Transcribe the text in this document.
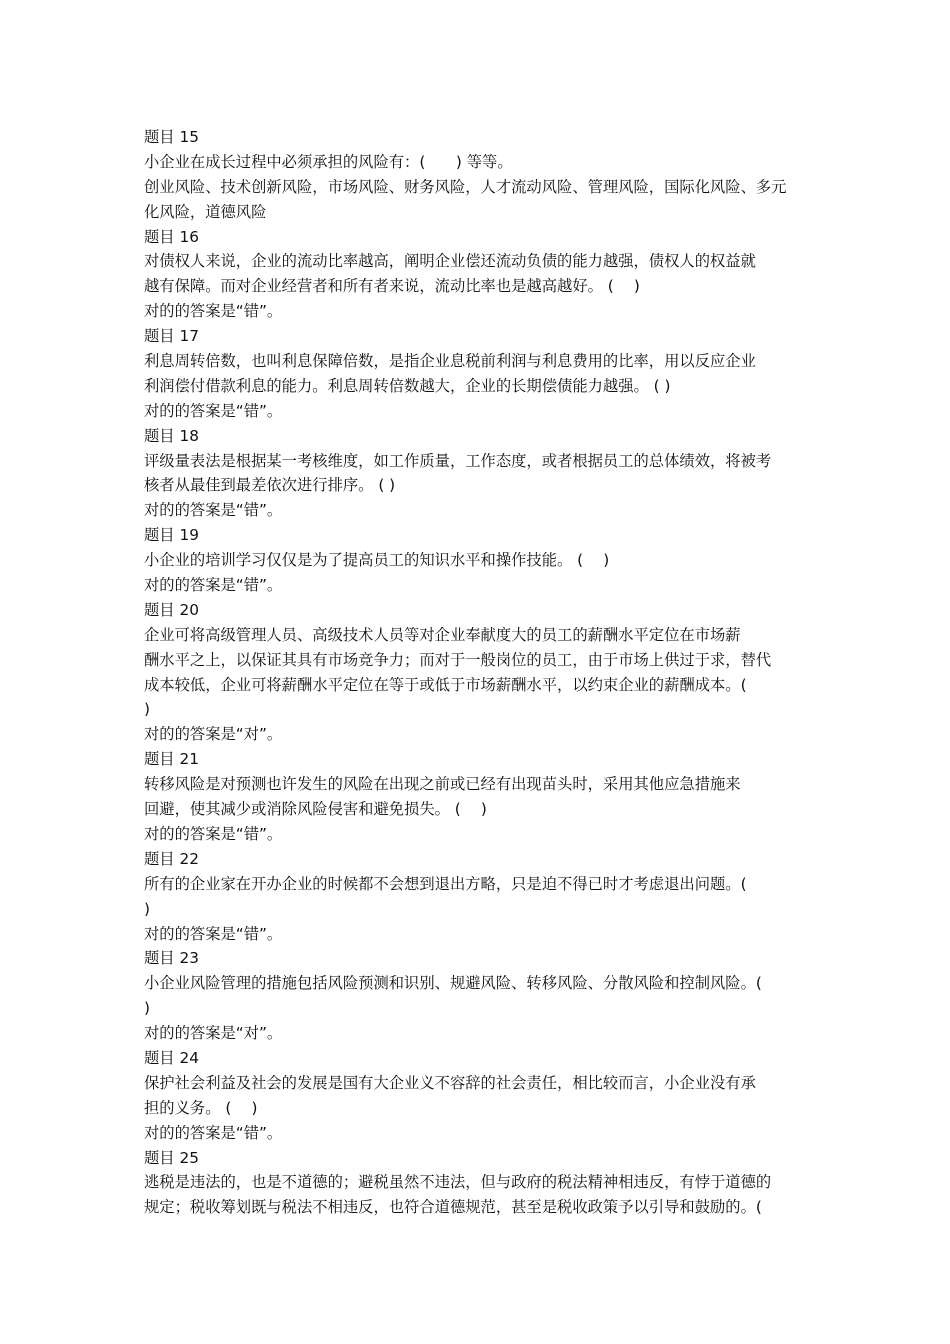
题目 15
小企业在成长过程中必须承担的风险有：(　　) 等等。
创业风险、技术创新风险，市场风险、财务风险，人才流动风险、管理风险，国际化风险、多元
化风险，道德风险
题目 16
对债权人来说，企业的流动比率越高，阐明企业偿还流动负债的能力越强，债权人的权益就
越有保障。而对企业经营者和所有者来说，流动比率也是越高越好。 (　 )
对的的答案是“错”。
题目 17
利息周转倍数，也叫利息保障倍数，是指企业息税前利润与利息费用的比率，用以反应企业
利润偿付借款利息的能力。利息周转倍数越大，企业的长期偿债能力越强。 ( )
对的的答案是“错”。
题目 18
评级量表法是根据某一考核维度，如工作质量，工作态度，或者根据员工的总体绩效，将被考
核者从最佳到最差依次进行排序。 ( )
对的的答案是“错”。
题目 19
小企业的培训学习仅仅是为了提高员工的知识水平和操作技能。 (　 )
对的的答案是“错”。
题目 20
企业可将高级管理人员、高级技术人员等对企业奉献度大的员工的薪酬水平定位在市场薪
酬水平之上，以保证其具有市场竞争力；而对于一般岗位的员工，由于市场上供过于求，替代
成本较低，企业可将薪酬水平定位在等于或低于市场薪酬水平，以约束企业的薪酬成本。(
)
对的的答案是“对”。
题目 21
转移风险是对预测也许发生的风险在出现之前或已经有出现苗头时，采用其他应急措施来
回避，使其减少或消除风险侵害和避免损失。 (　 )
对的的答案是“错”。
题目 22
所有的企业家在开办企业的时候都不会想到退出方略，只是迫不得已时才考虑退出问题。(
)
对的的答案是“错”。
题目 23
小企业风险管理的措施包括风险预测和识别、规避风险、转移风险、分散风险和控制风险。(
)
对的的答案是“对”。
题目 24
保护社会利益及社会的发展是国有大企业义不容辞的社会责任，相比较而言，小企业没有承
担的义务。 (　 )
对的的答案是“错”。
题目 25
逃税是违法的，也是不道德的；避税虽然不违法，但与政府的税法精神相违反，有悖于道德的
规定；税收筹划既与税法不相违反，也符合道德规范，甚至是税收政策予以引导和鼓励的。(
